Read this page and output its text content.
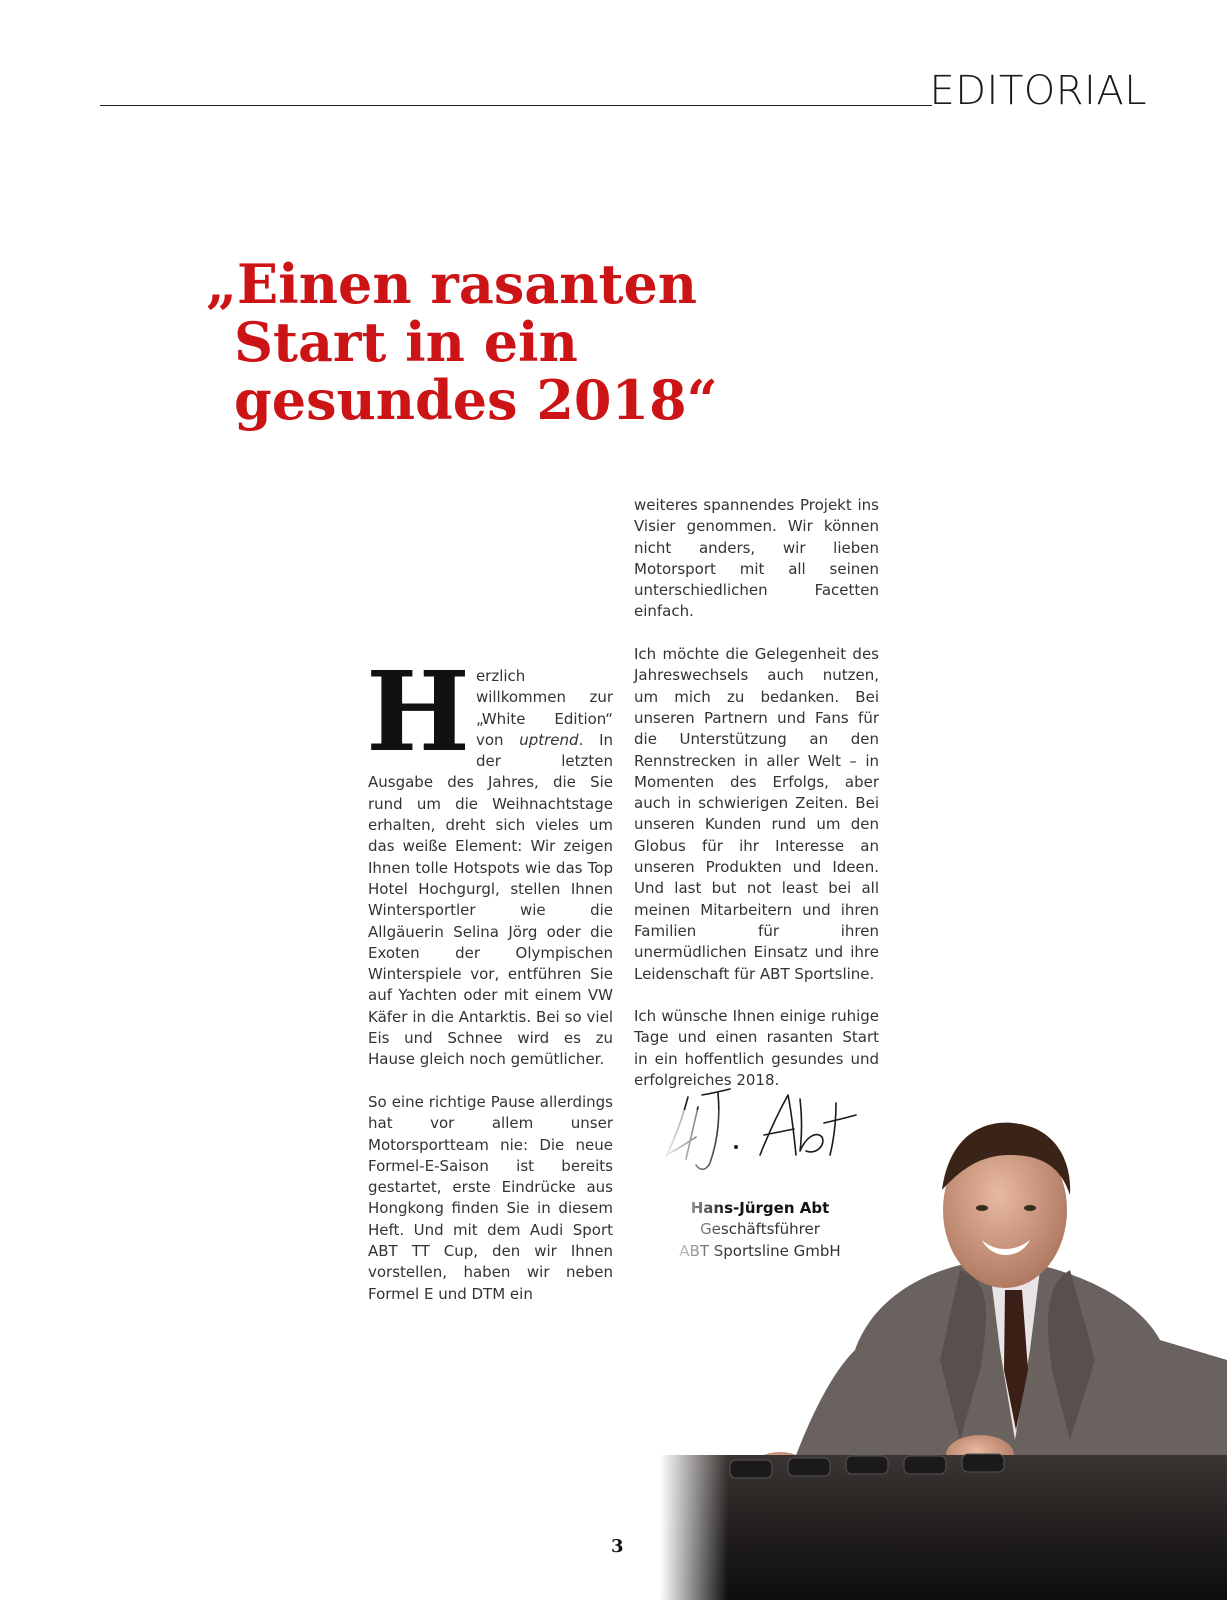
EDITORIAL
„Einen rasanten
Start in ein
gesundes 2018“

Herzlich willkommen zur „White Edition“ von uptrend. In der letzten Ausgabe des Jahres, die Sie rund um die Weihnachtstage erhalten, dreht sich vieles um das weiße Element: Wir zeigen Ihnen tolle Hotspots wie das Top Hotel Hochgurgl, stellen Ihnen Wintersportler wie die Allgäuerin Selina Jörg oder die Exoten der Olympischen Winterspiele vor, entführen Sie auf Yachten oder mit einem VW Käfer in die Antarktis. Bei so viel Eis und Schnee wird es zu Hause gleich noch gemütlicher.

So eine richtige Pause allerdings hat vor allem unser Motorsportteam nie: Die neue Formel-E-Saison ist bereits gestartet, erste Eindrücke aus Hongkong finden Sie in diesem Heft. Und mit dem Audi Sport ABT TT Cup, den wir Ihnen vorstellen, haben wir neben Formel E und DTM ein

weiteres spannendes Projekt ins Visier genommen. Wir können nicht anders, wir lieben Motorsport mit all seinen unterschiedlichen Facetten einfach.

Ich möchte die Gelegenheit des Jahreswechsels auch nutzen, um mich zu bedanken. Bei unseren Partnern und Fans für die Unterstützung an den Rennstrecken in aller Welt – in Momenten des Erfolgs, aber auch in schwierigen Zeiten. Bei unseren Kunden rund um den Globus für ihr Interesse an unseren Produkten und Ideen. Und last but not least bei all meinen Mitarbeitern und ihren Familien für ihren unermüdlichen Einsatz und ihre Leidenschaft für ABT Sportsline.

Ich wünsche Ihnen einige ruhige Tage und einen rasanten Start in ein hoffentlich gesundes und erfolgreiches 2018.

3
